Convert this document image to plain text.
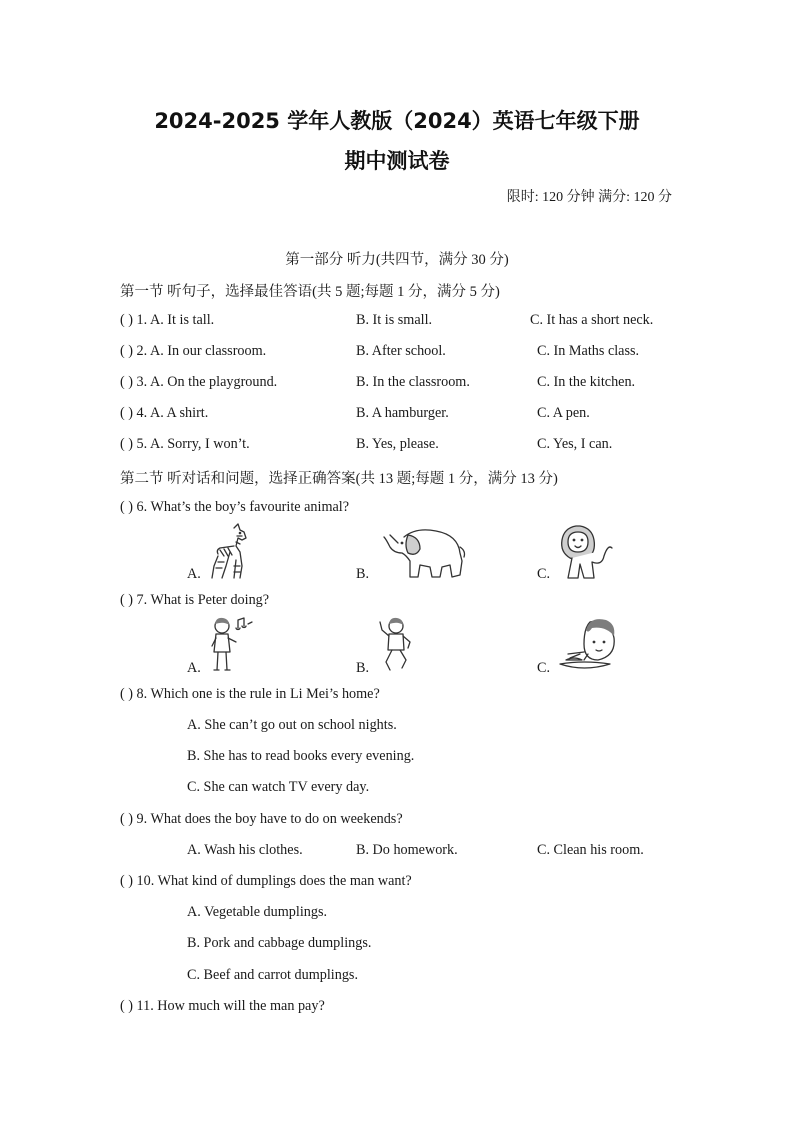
2024-2025 学年人教版（2024）英语七年级下册
期中测试卷
限时: 120 分钟 满分: 120 分
第一部分 听力(共四节，满分 30 分)
第一节 听句子，选择最佳答语(共 5 题;每题 1 分，满分 5 分)
( ) 1. A. It is tall.	B. It is small.	C. It has a short neck.
( ) 2. A. In our classroom.	B. After school.	C. In Maths class.
( ) 3. A. On the playground.	B. In the classroom.	C. In the kitchen.
( ) 4. A. A shirt.	B. A hamburger.	C. A pen.
( ) 5. A. Sorry, I won’t.	B. Yes, please.	C. Yes, I can.
第二节 听对话和问题，选择正确答案(共 13 题;每题 1 分，满分 13 分)
( ) 6. What’s the boy’s favourite animal?
A.	B.	C.
( ) 7. What is Peter doing?
A.	B.	C.
( ) 8. Which one is the rule in Li Mei’s home?
A. She can’t go out on school nights.
B. She has to read books every evening.
C. She can watch TV every day.
( ) 9. What does the boy have to do on weekends?
A. Wash his clothes.	B. Do homework.	C. Clean his room.
( ) 10. What kind of dumplings does the man want?
A. Vegetable dumplings.
B. Pork and cabbage dumplings.
C. Beef and carrot dumplings.
( ) 11. How much will the man pay?
